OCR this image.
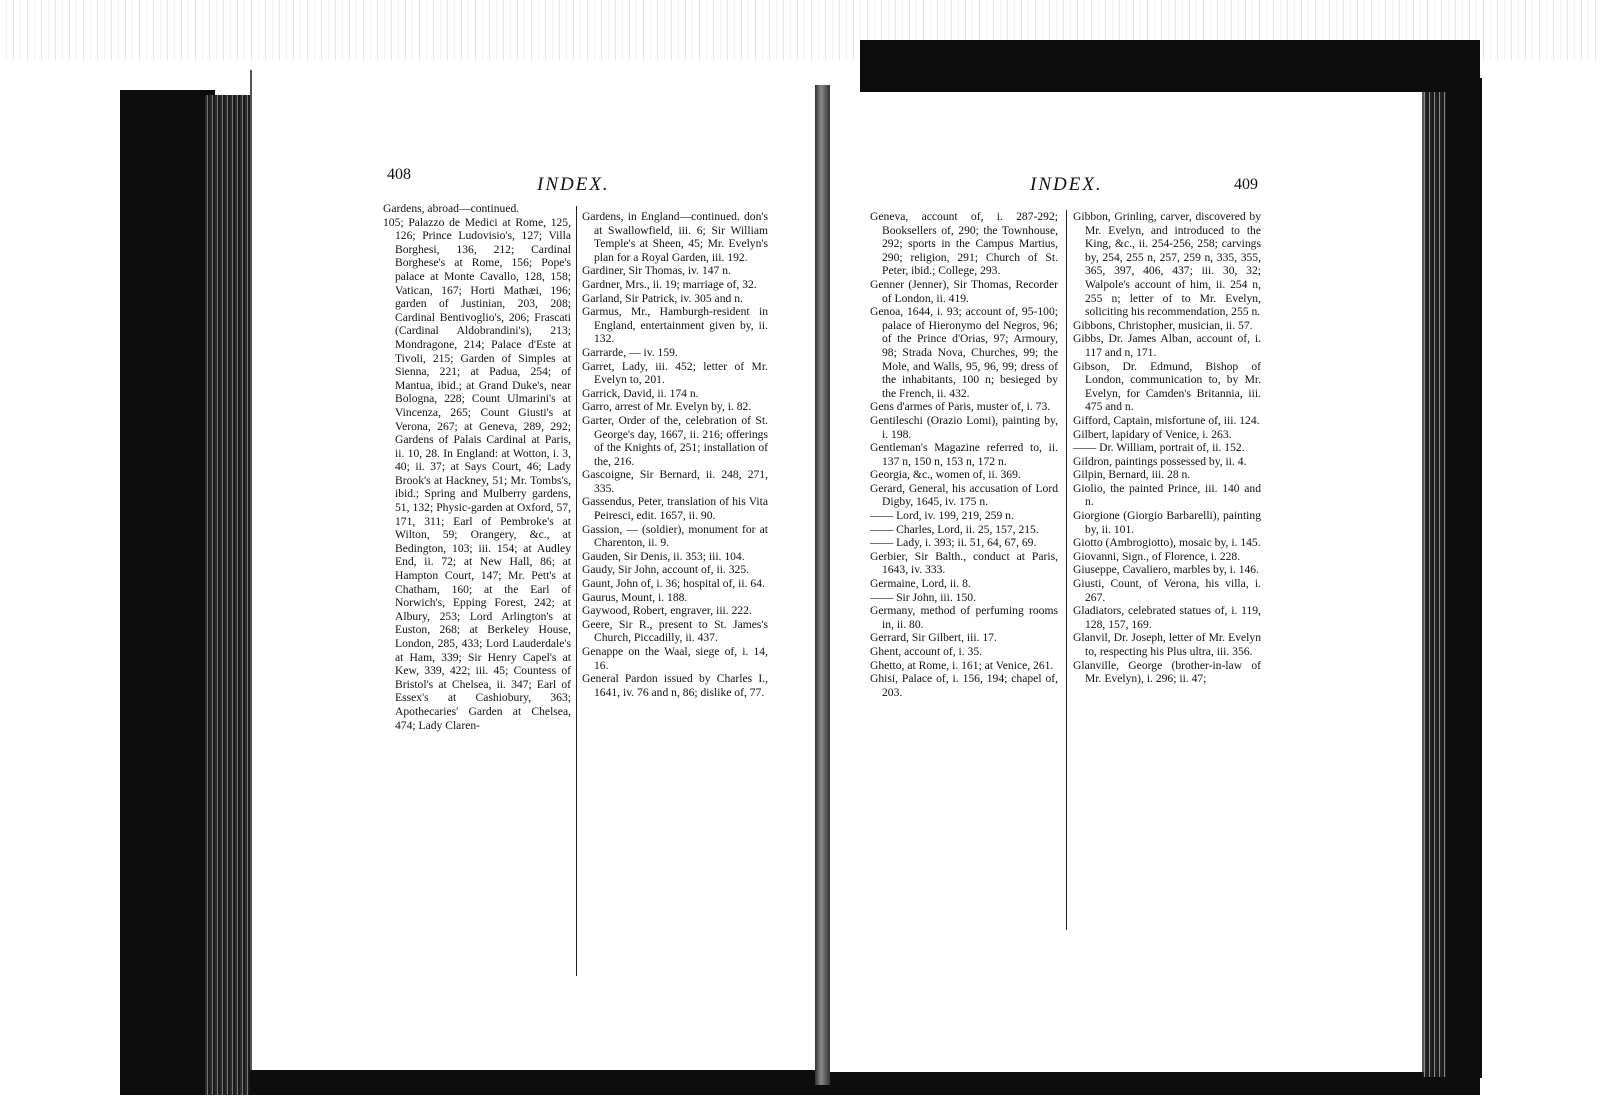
408	INDEX.

Gardens, abroad—continued.

105; Palazzo de Medici at Rome, 125, 126; Prince Ludovisio's, 127; Villa Borghesi, 136, 212; Cardinal Borghese's at Rome, 156; Pope's palace at Monte Cavallo, 128, 158; Vatican, 167; Horti Mathæi, 196; garden of Justinian, 203, 208; Cardinal Bentivoglio's, 206; Frascati (Cardinal Aldobrandini's), 213; Mondragone, 214; Palace d'Este at Tivoli, 215; Garden of Simples at Sienna, 221; at Padua, 254; of Mantua, ibid.; at Grand Duke's, near Bologna, 228; Count Ulmarini's at Vincenza, 265; Count Giusti's at Verona, 267; at Geneva, 289, 292; Gardens of Palais Cardinal at Paris, ii. 10, 28. In England: at Wotton, i. 3, 40; ii. 37; at Says Court, 46; Lady Brook's at Hackney, 51; Mr. Tombs's, ibid.; Spring and Mulberry gardens, 51, 132; Physic-garden at Oxford, 57, 171, 311; Earl of Pembroke's at Wilton, 59; Orangery, &c., at Bedington, 103; iii. 154; at Audley End, ii. 72; at New Hall, 86; at Hampton Court, 147; Mr. Pett's at Chatham, 160; at the Earl of Norwich's, Epping Forest, 242; at Albury, 253; Lord Arlington's at Euston, 268; at Berkeley House, London, 285, 433; Lord Lauderdale's at Ham, 339; Sir Henry Capel's at Kew, 339, 422; iii. 45; Countess of Bristol's at Chelsea, ii. 347; Earl of Essex's at Cashiobury, 363; Apothecaries' Garden at Chelsea, 474; Lady Claren-

Gardens, in England—continued. don's at Swallowfield, iii. 6; Sir William Temple's at Sheen, 45; Mr. Evelyn's plan for a Royal Garden, iii. 192.

Gardiner, Sir Thomas, iv. 147 n.

Gardner, Mrs., ii. 19; marriage of, 32.

Garland, Sir Patrick, iv. 305 and n.

Garmus, Mr., Hamburgh-resident in England, entertainment given by, ii. 132.

Garrarde, — iv. 159.

Garret, Lady, iii. 452; letter of Mr. Evelyn to, 201.

Garrick, David, ii. 174 n.

Garro, arrest of Mr. Evelyn by, i. 82.

Garter, Order of the, celebration of St. George's day, 1667, ii. 216; offerings of the Knights of, 251; installation of the, 216.

Gascoigne, Sir Bernard, ii. 248, 271, 335.

Gassendus, Peter, translation of his Vita Peiresci, edit. 1657, ii. 90.

Gassion, — (soldier), monument for at Charenton, ii. 9.

Gauden, Sir Denis, ii. 353; iii. 104.

Gaudy, Sir John, account of, ii. 325.

Gaunt, John of, i. 36; hospital of, ii. 64.

Gaurus, Mount, i. 188.

Gaywood, Robert, engraver, iii. 222.

Geere, Sir R., present to St. James's Church, Piccadilly, ii. 437.

Genappe on the Waal, siege of, i. 14, 16.

General Pardon issued by Charles I., 1641, iv. 76 and n, 86; dislike of, 77.

INDEX.	409

Geneva, account of, i. 287-292; Booksellers of, 290; the Townhouse, 292; sports in the Campus Martius, 290; religion, 291; Church of St. Peter, ibid.; College, 293.

Genner (Jenner), Sir Thomas, Recorder of London, ii. 419.

Genoa, 1644, i. 93; account of, 95-100; palace of Hieronymo del Negros, 96; of the Prince d'Orias, 97; Armoury, 98; Strada Nova, Churches, 99; the Mole, and Walls, 95, 96, 99; dress of the inhabitants, 100 n; besieged by the French, ii. 432.

Gens d'armes of Paris, muster of, i. 73.

Gentileschi (Orazio Lomi), painting by, i. 198.

Gentleman's Magazine referred to, ii. 137 n, 150 n, 153 n, 172 n.

Georgia, &c., women of, ii. 369.

Gerard, General, his accusation of Lord Digby, 1645, iv. 175 n.

—— Lord, iv. 199, 219, 259 n.

—— Charles, Lord, ii. 25, 157, 215.

—— Lady, i. 393; ii. 51, 64, 67, 69.

Gerbier, Sir Balth., conduct at Paris, 1643, iv. 333.

Germaine, Lord, ii. 8.

—— Sir John, iii. 150.

Germany, method of perfuming rooms in, ii. 80.

Gerrard, Sir Gilbert, iii. 17.

Ghent, account of, i. 35.

Ghetto, at Rome, i. 161; at Venice, 261.

Ghisi, Palace of, i. 156, 194; chapel of, 203.

Gibbon, Grinling, carver, discovered by Mr. Evelyn, and introduced to the King, &c., ii. 254-256, 258; carvings by, 254, 255 n, 257, 259 n, 335, 355, 365, 397, 406, 437; iii. 30, 32; Walpole's account of him, ii. 254 n, 255 n; letter of to Mr. Evelyn, soliciting his recommendation, 255 n.

Gibbons, Christopher, musician, ii. 57.

Gibbs, Dr. James Alban, account of, i. 117 and n, 171.

Gibson, Dr. Edmund, Bishop of London, communication to, by Mr. Evelyn, for Camden's Britannia, iii. 475 and n.

Gifford, Captain, misfortune of, iii. 124.

Gilbert, lapidary of Venice, i. 263.

—— Dr. William, portrait of, ii. 152.

Gildron, paintings possessed by, ii. 4.

Gilpin, Bernard, iii. 28 n.

Giolio, the painted Prince, iii. 140 and n.

Giorgione (Giorgio Barbarelli), painting by, ii. 101.

Giotto (Ambrogiotto), mosaic by, i. 145.

Giovanni, Sign., of Florence, i. 228.

Giuseppe, Cavaliero, marbles by, i. 146.

Giusti, Count, of Verona, his villa, i. 267.

Gladiators, celebrated statues of, i. 119, 128, 157, 169.

Glanvil, Dr. Joseph, letter of Mr. Evelyn to, respecting his Plus ultra, iii. 356.

Glanville, George (brother-in-law of Mr. Evelyn), i. 296; ii. 47;
